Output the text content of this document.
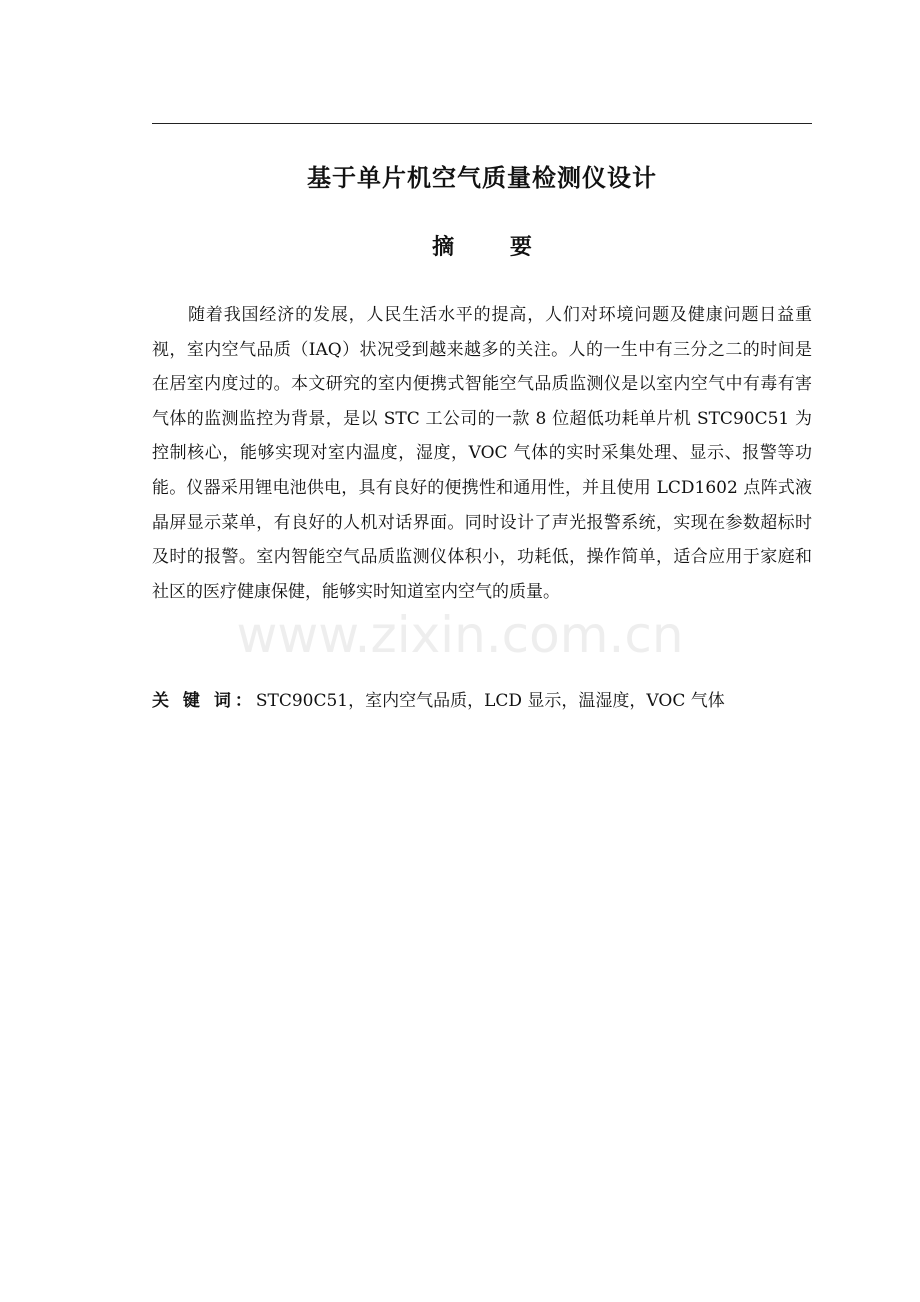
基于单片机空气质量检测仪设计
摘 要

随着我国经济的发展，人民生活水平的提高，人们对环境问题及健康问题日益重视，室内空气品质（IAQ）状况受到越来越多的关注。人的一生中有三分之二的时间是在居室内度过的。本文研究的室内便携式智能空气品质监测仪是以室内空气中有毒有害气体的监测监控为背景，是以 STC 工公司的一款 8 位超低功耗单片机 STC90C51 为控制核心，能够实现对室内温度，湿度，VOC 气体的实时采集处理、显示、报警等功能。仪器采用锂电池供电，具有良好的便携性和通用性，并且使用 LCD1602 点阵式液晶屏显示菜单，有良好的人机对话界面。同时设计了声光报警系统，实现在参数超标时及时的报警。室内智能空气品质监测仪体积小，功耗低，操作简单，适合应用于家庭和社区的医疗健康保健，能够实时知道室内空气的质量。

关 键 词：STC90C51，室内空气品质，LCD 显示，温湿度，VOC 气体
www.zixin.com.cn
